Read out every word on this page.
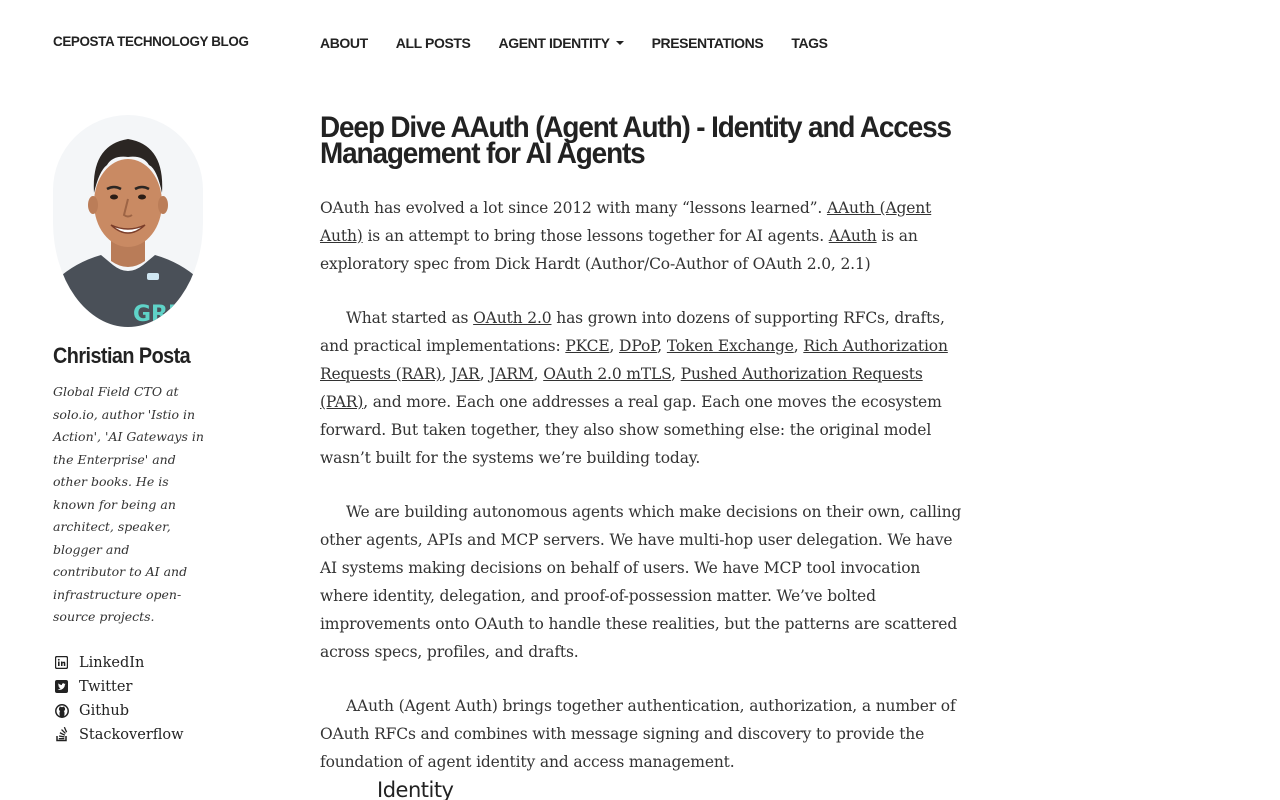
CEPOSTA TECHNOLOGY BLOG	ABOUT ALL POSTS AGENT IDENTITY	PRESENTATIONS TAGS
GRPC
Christian Posta

Global Field CTO at solo.io, author 'Istio in Action', 'AI Gateways in the Enterprise' and other books. He is known for being an architect, speaker, blogger and contributor to AI and infrastructure open-source projects.

LinkedIn
Twitter
Github
Stackoverflow
Deep Dive AAuth (Agent Auth) - Identity and Access Management for AI Agents

OAuth has evolved a lot since 2012 with many “lessons learned”. AAuth (Agent Auth) is an attempt to bring those lessons together for AI agents. AAuth is an exploratory spec from Dick Hardt (Author/Co-Author of OAuth 2.0, 2.1)

What started as OAuth 2.0 has grown into dozens of supporting RFCs, drafts, and practical implementations: PKCE, DPoP, Token Exchange, Rich Authorization Requests (RAR), JAR, JARM, OAuth 2.0 mTLS, Pushed Authorization Requests (PAR), and more. Each one addresses a real gap. Each one moves the ecosystem forward. But taken together, they also show something else: the original model wasn’t built for the systems we’re building today.

We are building autonomous agents which make decisions on their own, calling other agents, APIs and MCP servers. We have multi-hop user delegation. We have AI systems making decisions on behalf of users. We have MCP tool invocation where identity, delegation, and proof-of-possession matter. We’ve bolted improvements onto OAuth to handle these realities, but the patterns are scattered across specs, profiles, and drafts.

AAuth (Agent Auth) brings together authentication, authorization, a number of OAuth RFCs and combines with message signing and discovery to provide the foundation of agent identity and access management.

Identity
